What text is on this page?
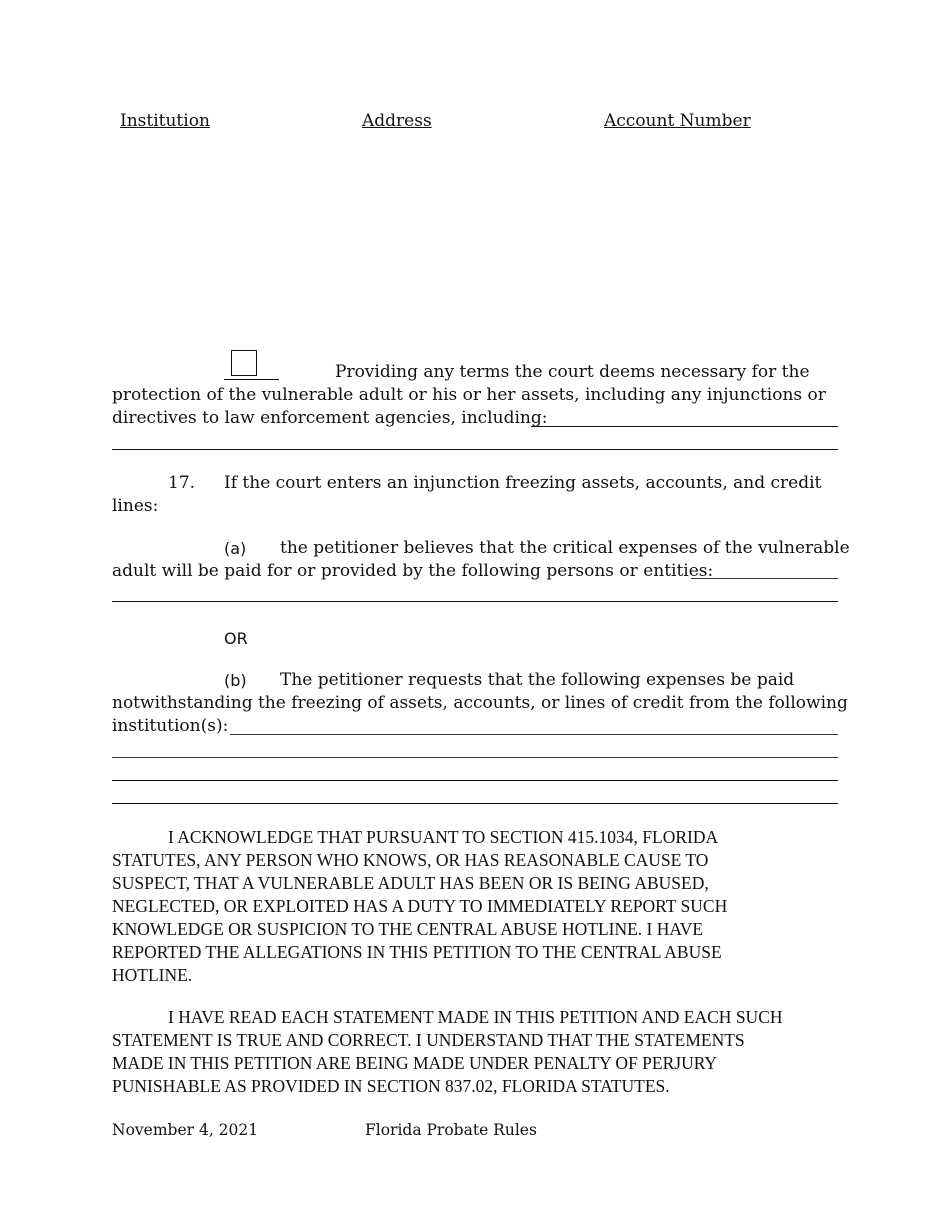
Institution	Address	Account Number
Providing any terms the court deems necessary for the
protection of the vulnerable adult or his or her assets, including any injunctions or
directives to law enforcement agencies, including:
17. If the court enters an injunction freezing assets, accounts, and credit
lines:
(a) the petitioner believes that the critical expenses of the vulnerable
adult will be paid for or provided by the following persons or entities:
OR
(b) The petitioner requests that the following expenses be paid
notwithstanding the freezing of assets, accounts, or lines of credit from the following
institution(s):
I ACKNOWLEDGE THAT PURSUANT TO SECTION 415.1034, FLORIDA
STATUTES, ANY PERSON WHO KNOWS, OR HAS REASONABLE CAUSE TO
SUSPECT, THAT A VULNERABLE ADULT HAS BEEN OR IS BEING ABUSED,
NEGLECTED, OR EXPLOITED HAS A DUTY TO IMMEDIATELY REPORT SUCH
KNOWLEDGE OR SUSPICION TO THE CENTRAL ABUSE HOTLINE. I HAVE
REPORTED THE ALLEGATIONS IN THIS PETITION TO THE CENTRAL ABUSE
HOTLINE.
I HAVE READ EACH STATEMENT MADE IN THIS PETITION AND EACH SUCH
STATEMENT IS TRUE AND CORRECT. I UNDERSTAND THAT THE STATEMENTS
MADE IN THIS PETITION ARE BEING MADE UNDER PENALTY OF PERJURY
PUNISHABLE AS PROVIDED IN SECTION 837.02, FLORIDA STATUTES.
November 4, 2021	Florida Probate Rules
